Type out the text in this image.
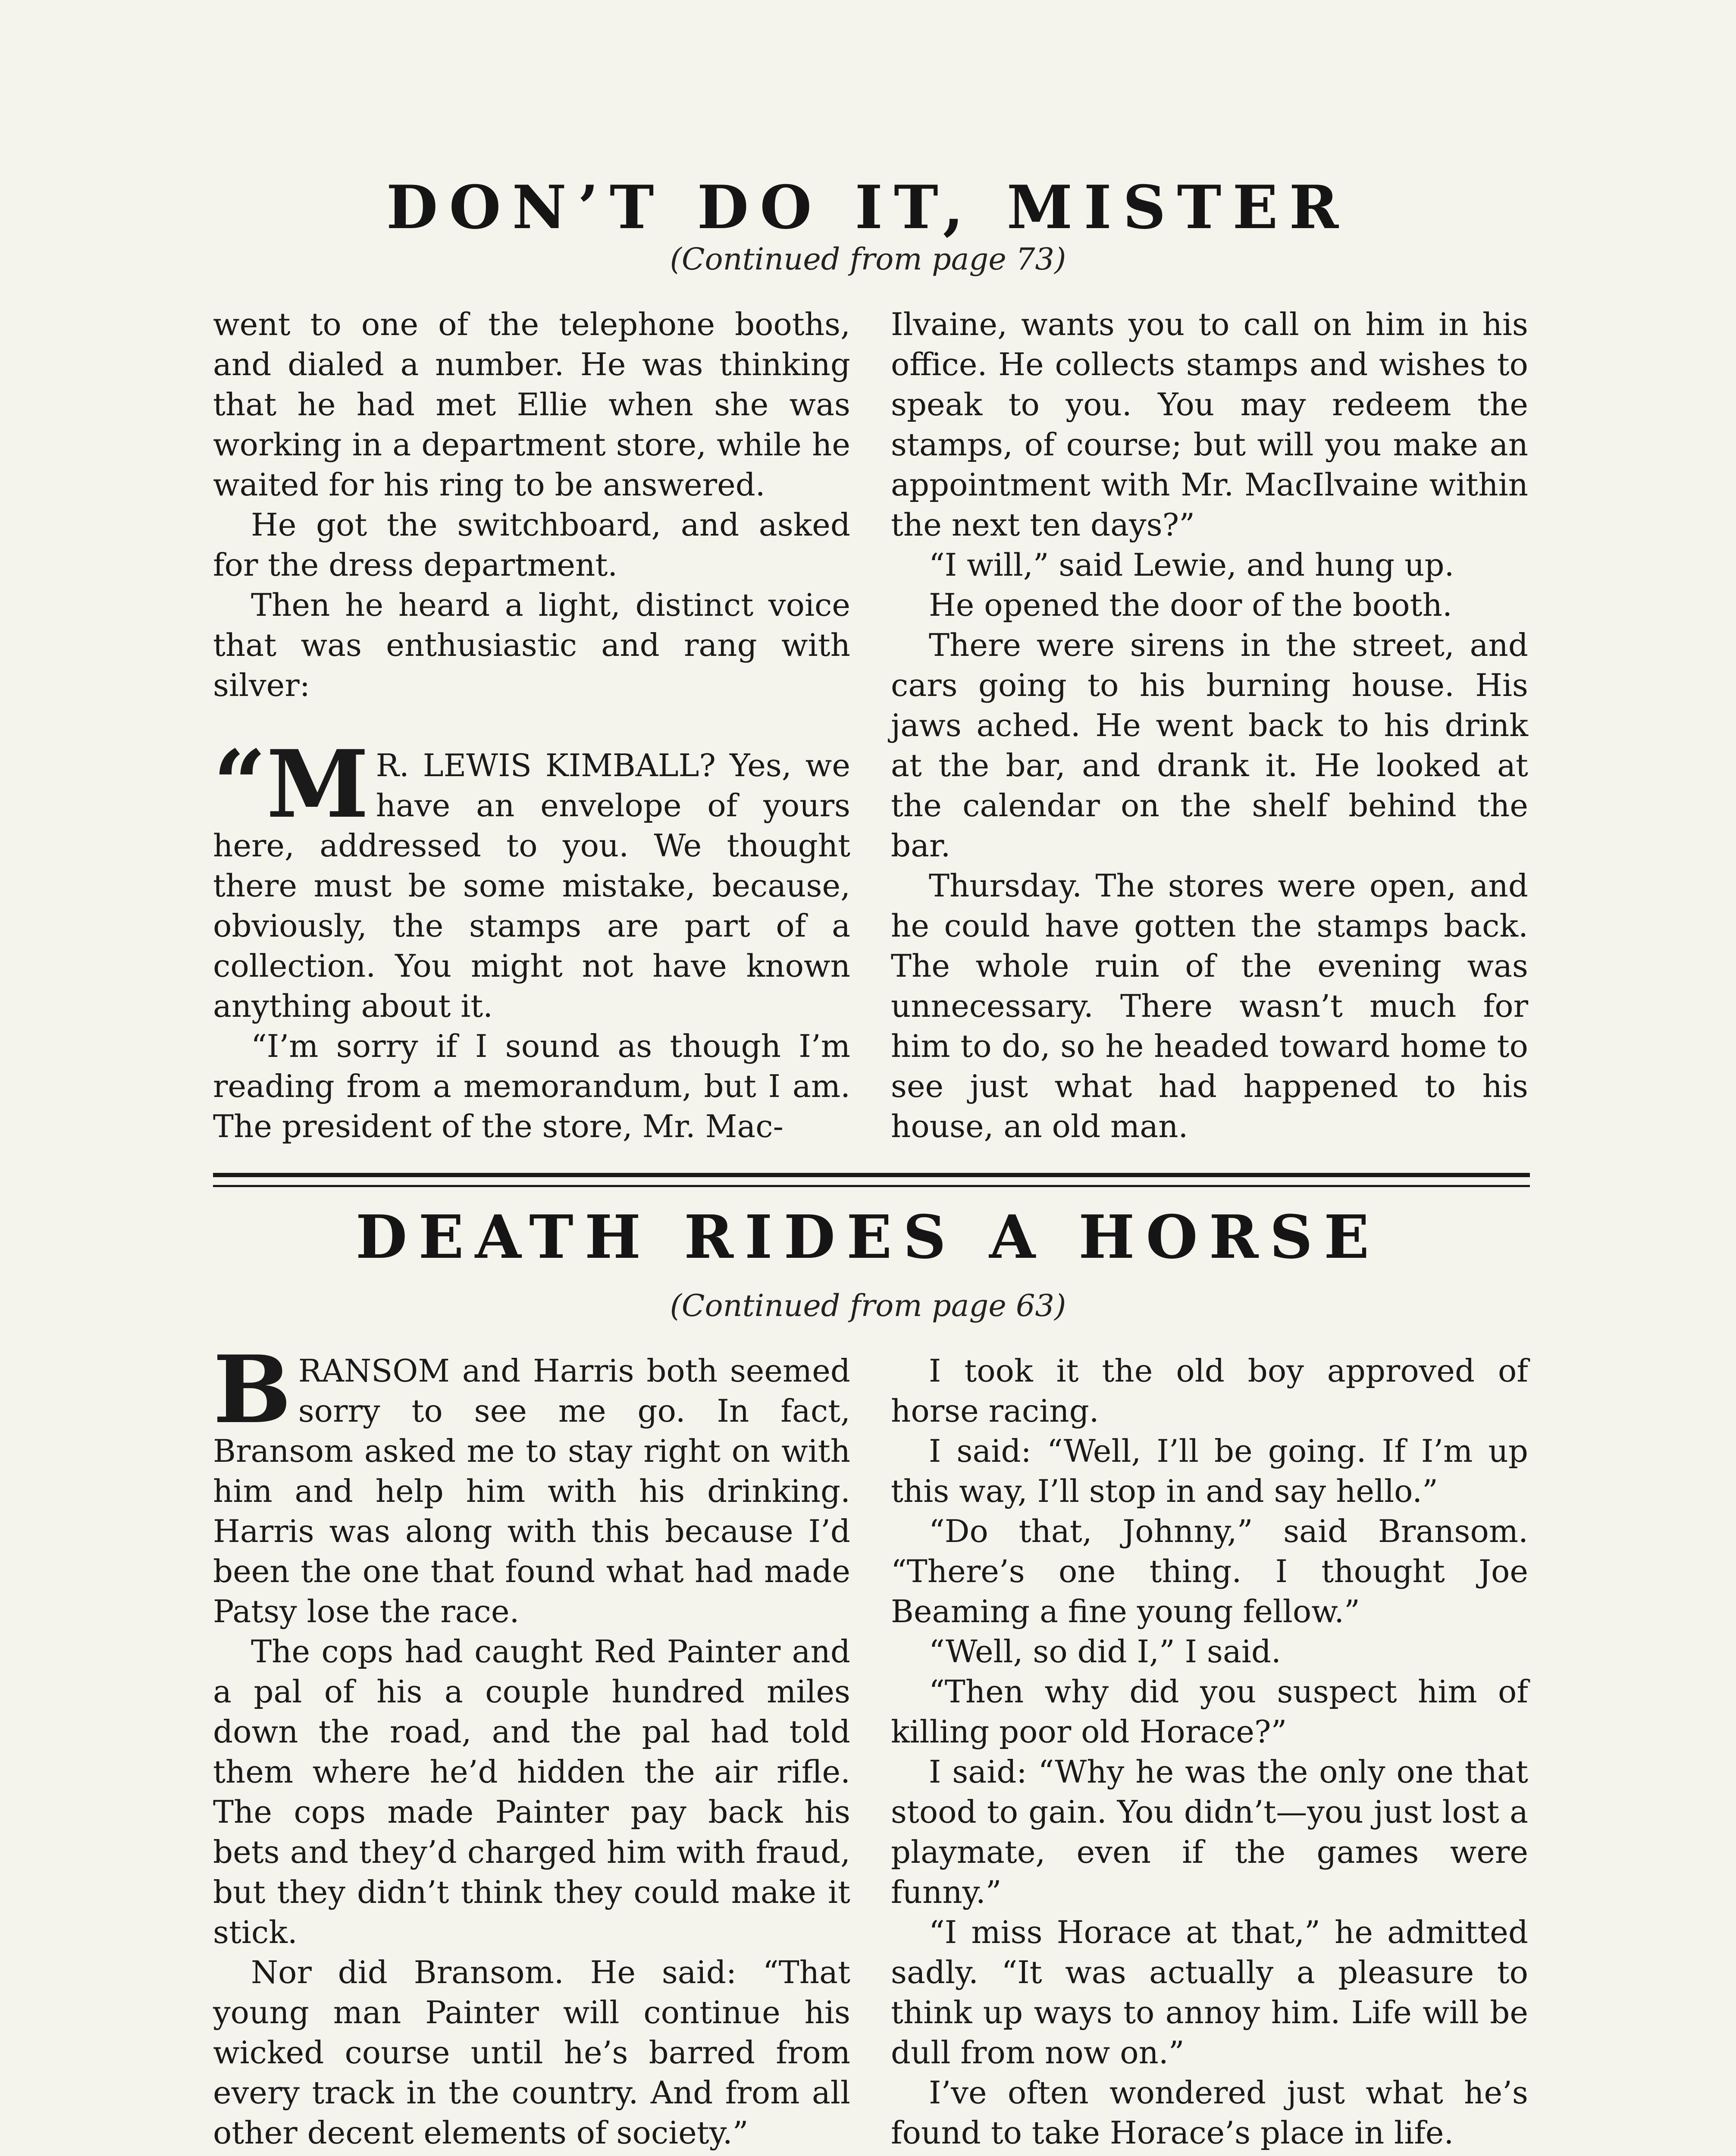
DON’T DO IT, MISTER
(Continued from page 73)

went to one of the telephone booths, and dialed a number. He was thinking that he had met Ellie when she was working in a department store, while he waited for his ring to be answered.

He got the switchboard, and asked for the dress department.

Then he heard a light, distinct voice that was enthusiastic and rang with silver:

“M R. LEWIS KIMBALL? Yes, we have an envelope of yours here, addressed to you. We thought there must be some mistake, because, obviously, the stamps are part of a collection. You might not have known anything about it.

“I’m sorry if I sound as though I’m reading from a memorandum, but I am. The president of the store, Mr. Mac-

Ilvaine, wants you to call on him in his office. He collects stamps and wishes to speak to you. You may redeem the stamps, of course; but will you make an appointment with Mr. MacIlvaine within the next ten days?”

“I will,” said Lewie, and hung up.

He opened the door of the booth.

There were sirens in the street, and cars going to his burning house. His jaws ached. He went back to his drink at the bar, and drank it. He looked at the calendar on the shelf behind the bar.

Thursday. The stores were open, and he could have gotten the stamps back. The whole ruin of the evening was unnecessary. There wasn’t much for him to do, so he headed toward home to see just what had happened to his house, an old man.

DEATH RIDES A HORSE
(Continued from page 63)

B RANSOM and Harris both seemed sorry to see me go. In fact, Bransom asked me to stay right on with him and help him with his drinking. Harris was along with this because I’d been the one that found what had made Patsy lose the race.

The cops had caught Red Painter and a pal of his a couple hundred miles down the road, and the pal had told them where he’d hidden the air rifle. The cops made Painter pay back his bets and they’d charged him with fraud, but they didn’t think they could make it stick.

Nor did Bransom. He said: “That young man Painter will continue his wicked course until he’s barred from every track in the country. And from all other decent elements of society.”

I took it the old boy approved of horse racing.

I said: “Well, I’ll be going. If I’m up this way, I’ll stop in and say hello.”

“Do that, Johnny,” said Bransom. “There’s one thing. I thought Joe Beaming a fine young fellow.”

“Well, so did I,” I said.

“Then why did you suspect him of killing poor old Horace?”

I said: “Why he was the only one that stood to gain. You didn’t—you just lost a playmate, even if the games were funny.”

“I miss Horace at that,” he admitted sadly. “It was actually a pleasure to think up ways to annoy him. Life will be dull from now on.”

I’ve often wondered just what he’s found to take Horace’s place in life.
